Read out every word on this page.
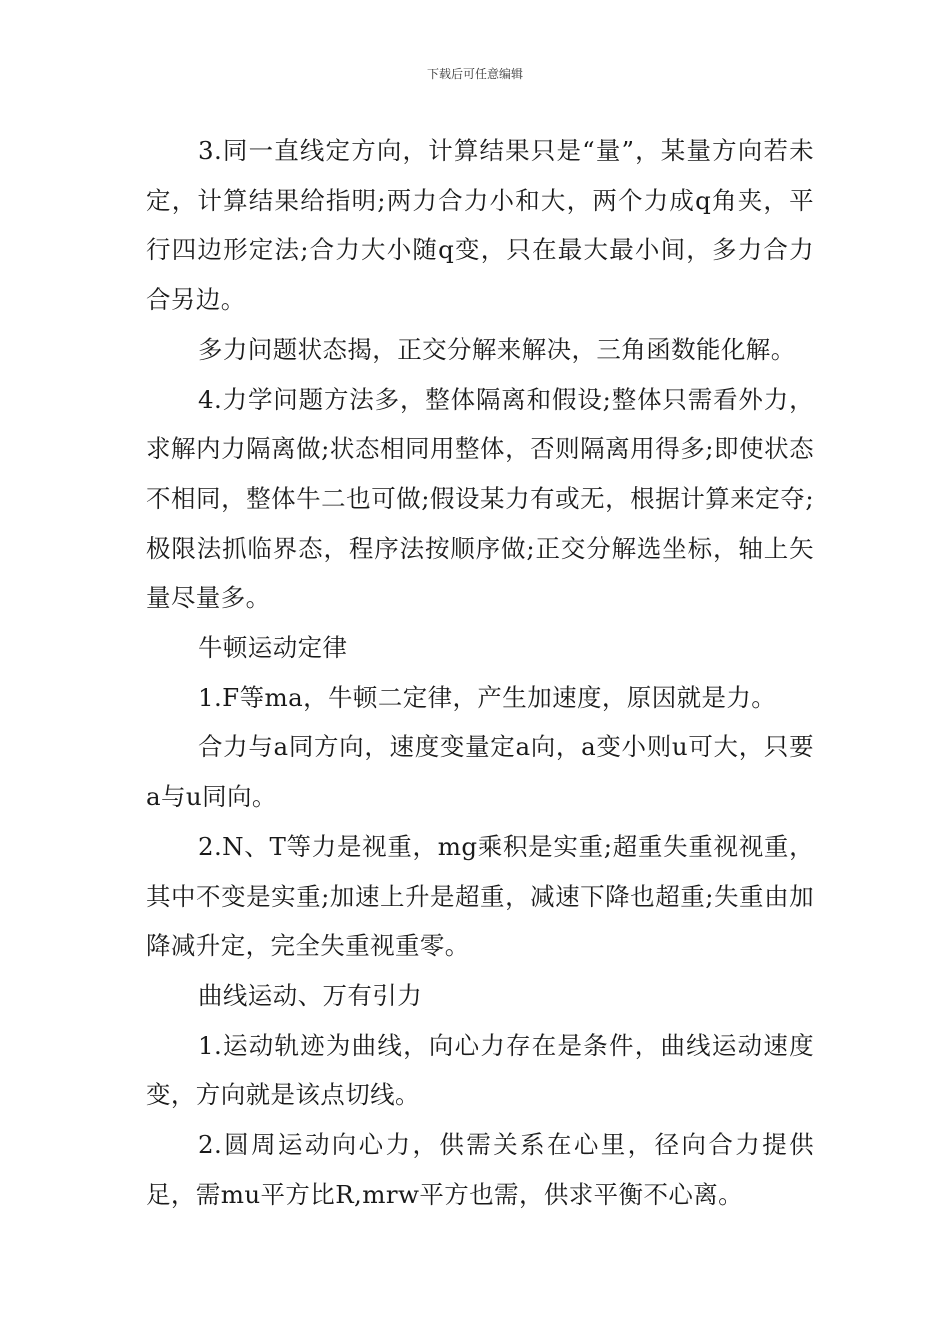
下载后可任意编辑

3.同一直线定方向，计算结果只是“量”，某量方向若未定，计算结果给指明;两力合力小和大，两个力成q角夹，平行四边形定法;合力大小随q变，只在最大最小间，多力合力合另边。

多力问题状态揭，正交分解来解决，三角函数能化解。

4.力学问题方法多，整体隔离和假设;整体只需看外力，求解内力隔离做;状态相同用整体，否则隔离用得多;即使状态不相同，整体牛二也可做;假设某力有或无，根据计算来定夺;极限法抓临界态，程序法按顺序做;正交分解选坐标，轴上矢量尽量多。

牛顿运动定律

1.F等ma，牛顿二定律，产生加速度，原因就是力。

合力与a同方向，速度变量定a向，a变小则u可大，只要a与u同向。

2.N、T等力是视重，mg乘积是实重;超重失重视视重，其中不变是实重;加速上升是超重，减速下降也超重;失重由加降减升定，完全失重视重零。

曲线运动、万有引力

1.运动轨迹为曲线，向心力存在是条件，曲线运动速度变，方向就是该点切线。

2.圆周运动向心力，供需关系在心里，径向合力提供足，需mu平方比R,mrw平方也需，供求平衡不心离。
